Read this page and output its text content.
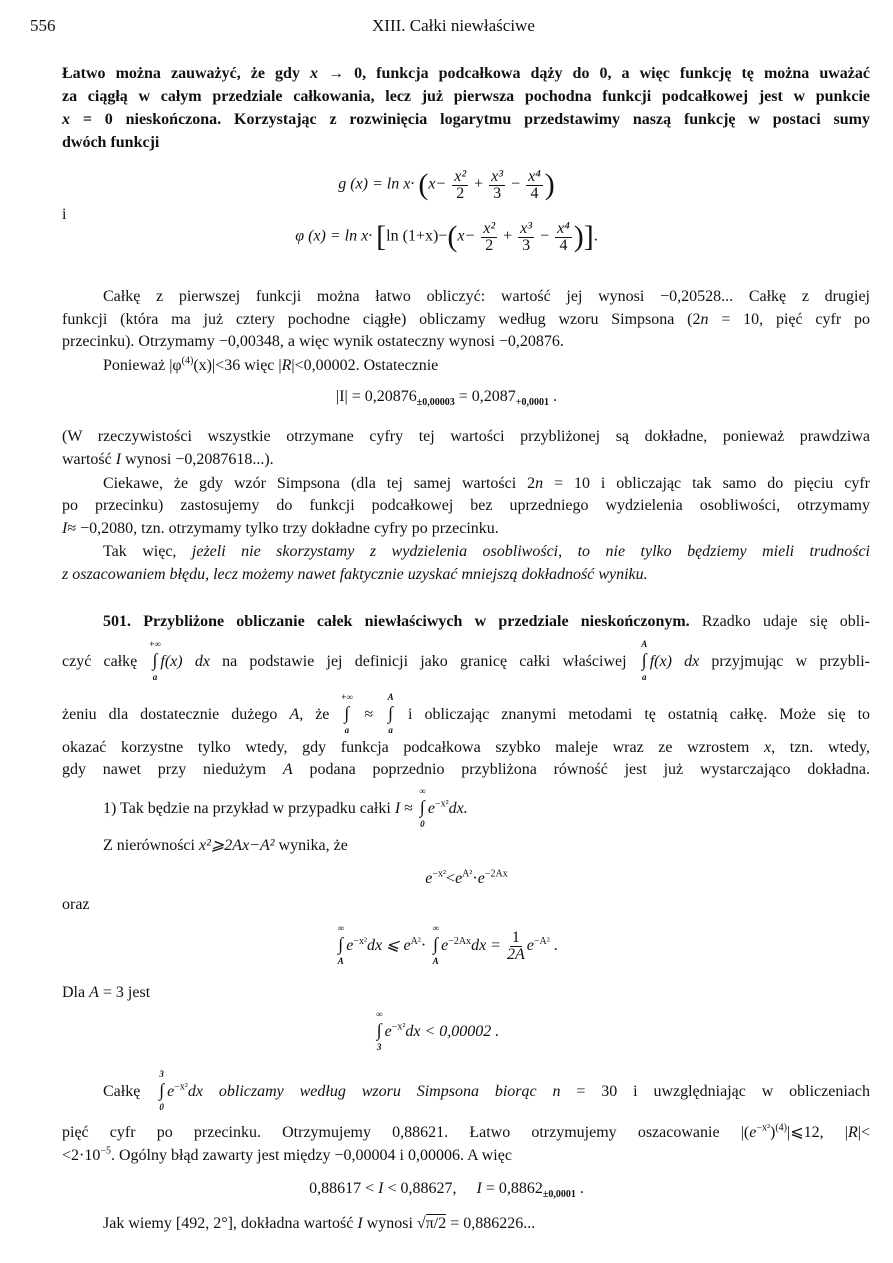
556	XIII. Całki niewłaściwe
Łatwo można zauważyć, że gdy x → 0, funkcja podcałkowa dąży do 0, a więc funkcję tę można uważać
za ciągłą w całym przedziale całkowania, lecz już pierwsza pochodna funkcji podcałkowej jest w punkcie
x = 0 nieskończona. Korzystając z rozwinięcia logarytmu przedstawimy naszą funkcję w postaci sumy
dwóch funkcji
g $(x) = \ln x\cdot (x- \frac{\text{x²}}{2} + \frac{\text{x³}}{3} - \frac{\text{x⁴}}{4}$ )
i
φ (x) = ln x· [ln $(1+x)-(x- \frac{\text{x²}}{2} + \frac{\text{x³}}{3} - \frac{\text{x⁴}}{4}$ )].
Całkę z pierwszej funkcji można łatwo obliczyć: wartość jej wynosi −0,20528... Całkę z drugiej
funkcji (która ma już cztery pochodne ciągłe) obliczamy według wzoru Simpsona (2n = 10, pięć cyfr po
przecinku). Otrzymamy −0,00348, a więc wynik ostateczny wynosi −0,20876.
Ponieważ $|\varphi^{(4)}(x)|<36$ więc |R|<0,00002. Ostatecznie
$|I| = 0,20876_{\pm 0,00003} = 0,2087_{+0,0001}$ .
(W rzeczywistości wszystkie otrzymane cyfry tej wartości przybliżonej są dokładne, ponieważ prawdziwa
wartość I wynosi −0,2087618...).
Ciekawe, że gdy wzór Simpsona (dla tej samej wartości 2n = 10 i obliczając tak samo do pięciu cyfr
po przecinku) zastosujemy do funkcji podcałkowej bez uprzedniego wydzielenia osobliwości, otrzymamy
I≈ −0,2080, tzn. otrzymamy tylko trzy dokładne cyfry po przecinku.
Tak więc, jeżeli nie skorzystamy z wydzielenia osobliwości, to nie tylko będziemy mieli trudności
z oszacowaniem błędu, lecz możemy nawet faktycznie uzyskać mniejszą dokładność wyniku.
501. Przybliżone obliczanie całek niewłaściwych w przedziale nieskończonym. Rzadko udaje się obli-
czyć całkę
+∞
∫
a
f(x) dx na podstawie jej definicji jako granicę całki właściwej
A
∫
a
f(x) dx przyjmując w przybli-
żeniu dla dostatecznie dużego A, że
+∞
∫
a
≈
A
∫
a
i obliczając znanymi metodami tę ostatnią całkę. Może się to
okazać korzystne tylko wtedy, gdy funkcja podcałkowa szybko maleje wraz ze wzrostem x, tzn. wtedy,
gdy nawet przy niedużym A podana poprzednio przybliżona równość jest już wystarczająco dokładna.
1) Tak będzie na przykład w przypadku całki I ≈
∞
∫
0
$e^{-x^2}dx$.
Z nierówności x²⩾2Ax−A² wynika, że
$e^{-x^2}<e^{A^2}\cdot e^{-2Ax}$
oraz
∞
∫
A
$e^{-x^2}dx$ ⩽ $e^{A^2}\cdot$
∞
∫
A
$e^{-2Ax}dx = \frac{1}{2A} e^{-A^2}$ .
Dla A = 3 jest
∞
∫
3
$e^{-x^2}dx < 0,00002$ .
Całkę
3
∫
0
$e^{-x^2}dx$ obliczamy według wzoru Simpsona biorąc n = 30 i uwzględniając w obliczeniach
pięć cyfr po przecinku. Otrzymujemy 0,88621. Łatwo otrzymujemy oszacowanie $|(e^{-x^2})^{(4)}|⩽12$, |R|<
$<2\cdot 10^{-5}$. Ogólny błąd zawarty jest między −0,00004 i 0,00006. A więc
0,88617 < I < 0,88627,     $I = 0,8862_{\pm 0,0001}$ .
Jak wiemy [492, 2°], dokładna wartość I wynosi √π/2 = 0,886226...
